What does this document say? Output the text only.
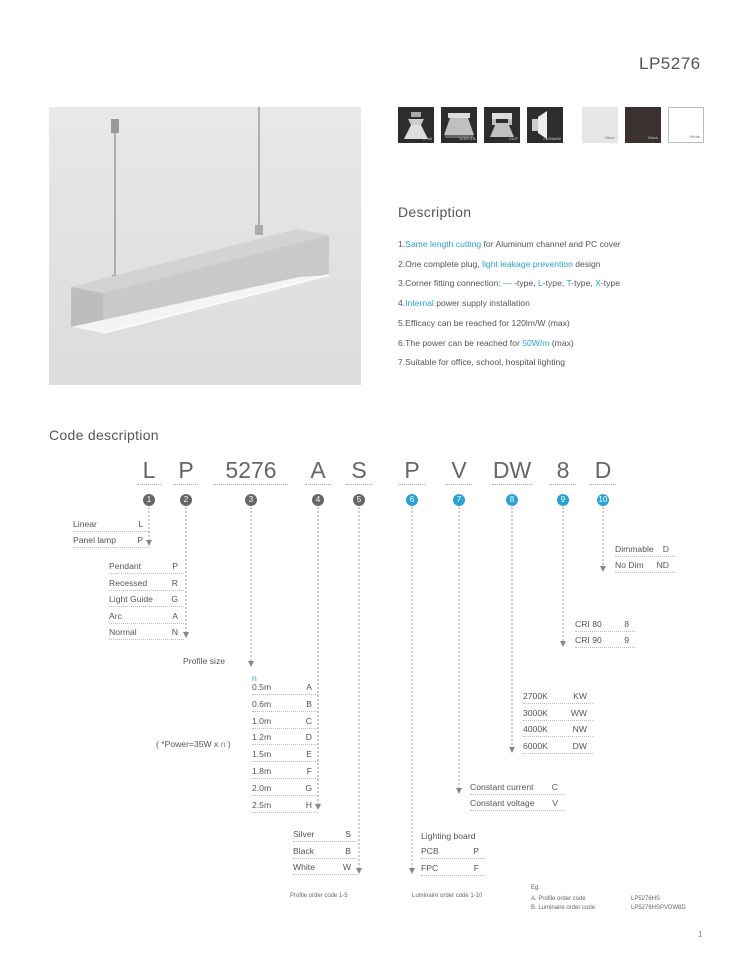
LP5276
IP 40	UGR<19	CLIP	>100lm/W	Silver	Black	White
Description
1.Same length cutting for Aluminum channel and PC cover
2.One complete plug, light leakage prevention design
3.Corner fitting connection: — -type, L-type, T-type, X-type
4.Internal power supply installation
5.Efficacy can be reached for 120lm/W (max)
6.The power can be reached for 50W/m (max)
7.Suitable for office, school, hospital lighting
Code description
L P	5276	A	S	P	V	DW	8	D
1	2	3	4	5	6	7	8	9	10
Linear	L
Panel lamp P
Pendant	P
Recessed	R
Light Guide G
Arc	A
Normal	N
0.5m	A
0.6m	B
1.0m	C
1.2m	D
1.5m	E
1.8m	F
2.0m	G
2.5m	H
Silver	S
Black	B
White	W
PCB	P
FPC	F
Constant current C
Constant voltage V
2700K	KW
3000K	WW
4000K	NW
6000K	DW
CRI 80	8
CRI 90	9
Dimmable D
No Dim ND
Profile size
n
( *Power=35W x n )
Lighting board
Profile order code 1-5	Luminaire order code 1-10
Eg:
A. Profile order code	LP5276HS
B. Luminaire order code	LP5276HSPVDW8D
1
